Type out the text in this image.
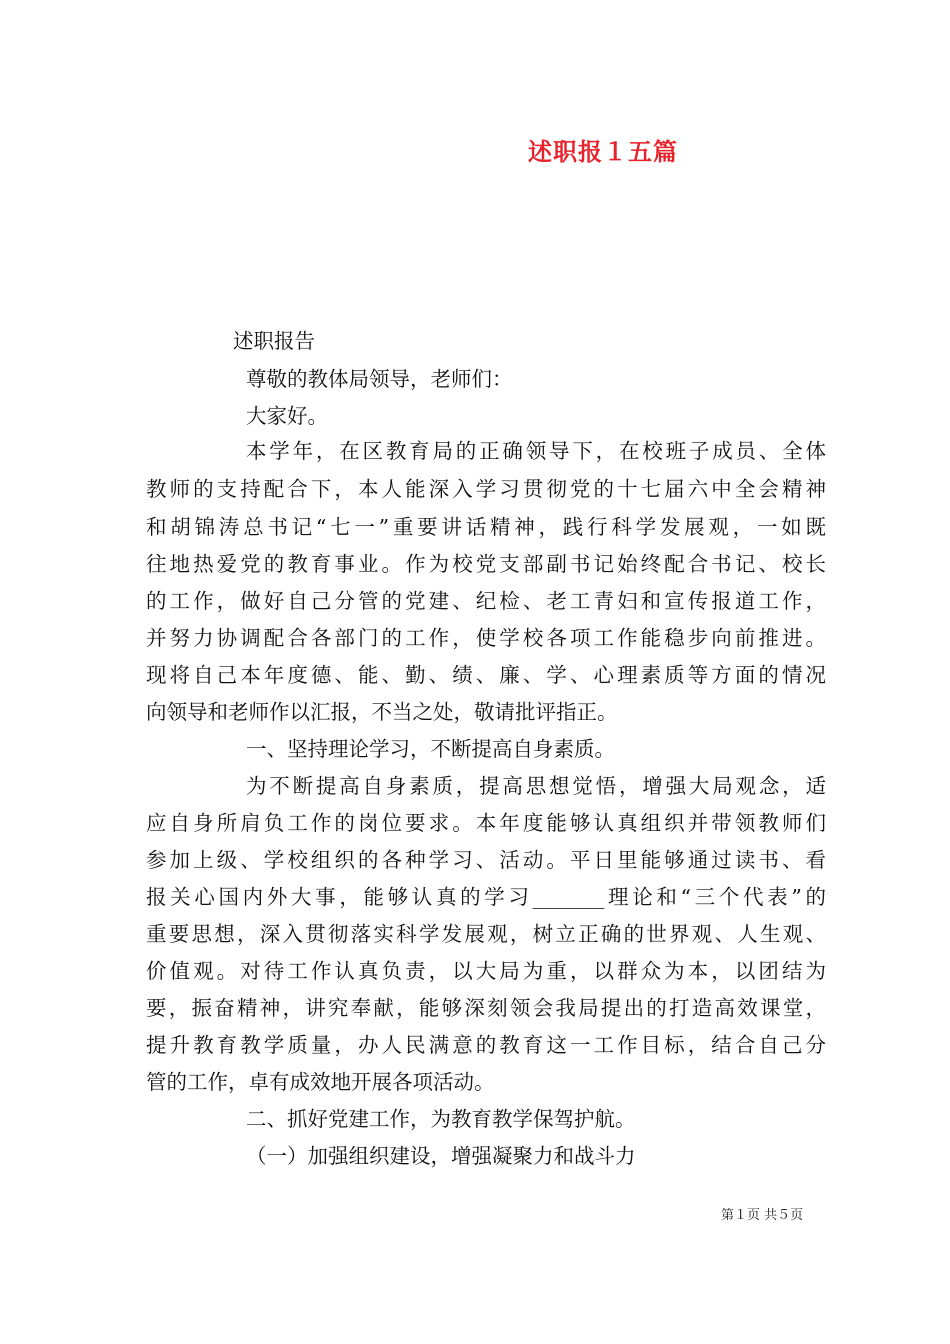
述职报１五篇
述职报告
尊敬的教体局领导，老师们：
大家好。
本学年，在区教育局的正确领导下，在校班子成员、全体
教师的支持配合下，本人能深入学习贯彻党的十七届六中全会精神
和胡锦涛总书记“七一”重要讲话精神，践行科学发展观，一如既
往地热爱党的教育事业。作为校党支部副书记始终配合书记、校长
的工作，做好自己分管的党建、纪检、老工青妇和宣传报道工作，
并努力协调配合各部门的工作，使学校各项工作能稳步向前推进。
现将自己本年度德、能、勤、绩、廉、学、心理素质等方面的情况
向领导和老师作以汇报，不当之处，敬请批评指正。
一、坚持理论学习，不断提高自身素质。
为不断提高自身素质，提高思想觉悟，增强大局观念，适
应自身所肩负工作的岗位要求。本年度能够认真组织并带领教师们
参加上级、学校组织的各种学习、活动。平日里能够通过读书、看
报关心国内外大事，能够认真的学习_______理论和“三个代表”的
重要思想，深入贯彻落实科学发展观，树立正确的世界观、人生观、
价值观。对待工作认真负责，以大局为重，以群众为本，以团结为
要，振奋精神，讲究奉献，能够深刻领会我局提出的打造高效课堂，
提升教育教学质量，办人民满意的教育这一工作目标，结合自己分
管的工作，卓有成效地开展各项活动。
二、抓好党建工作，为教育教学保驾护航。
（一）加强组织建设，增强凝聚力和战斗力
第１页 共５页
